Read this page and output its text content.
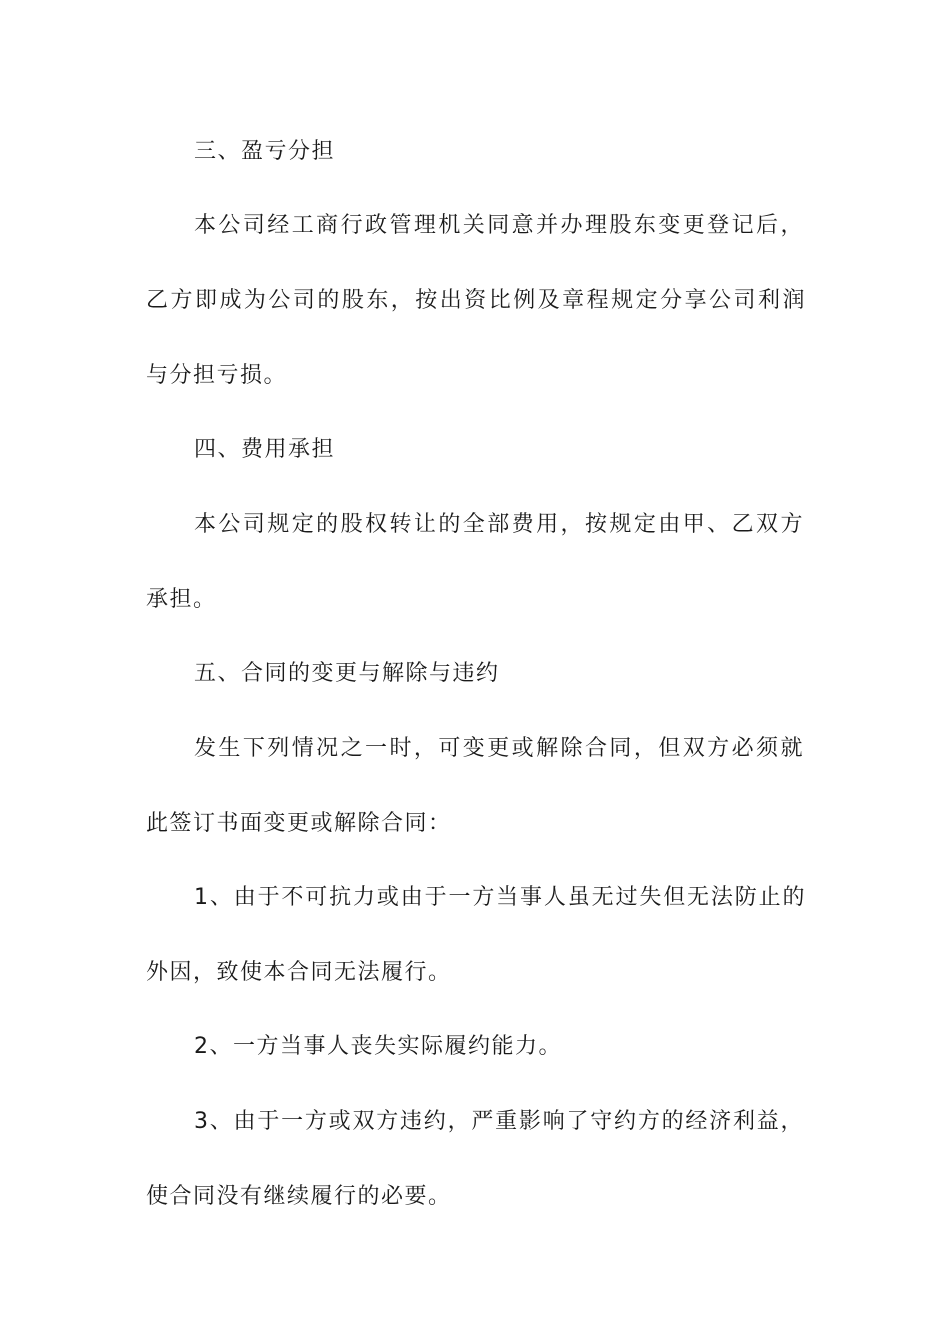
三、盈亏分担
本公司经工商行政管理机关同意并办理股东变更登记后，
乙方即成为公司的股东，按出资比例及章程规定分享公司利润
与分担亏损。
四、费用承担
本公司规定的股权转让的全部费用，按规定由甲、乙双方
承担。
五、合同的变更与解除与违约
发生下列情况之一时，可变更或解除合同，但双方必须就
此签订书面变更或解除合同：
1、由于不可抗力或由于一方当事人虽无过失但无法防止的
外因，致使本合同无法履行。
2、一方当事人丧失实际履约能力。
3、由于一方或双方违约，严重影响了守约方的经济利益，
使合同没有继续履行的必要。
